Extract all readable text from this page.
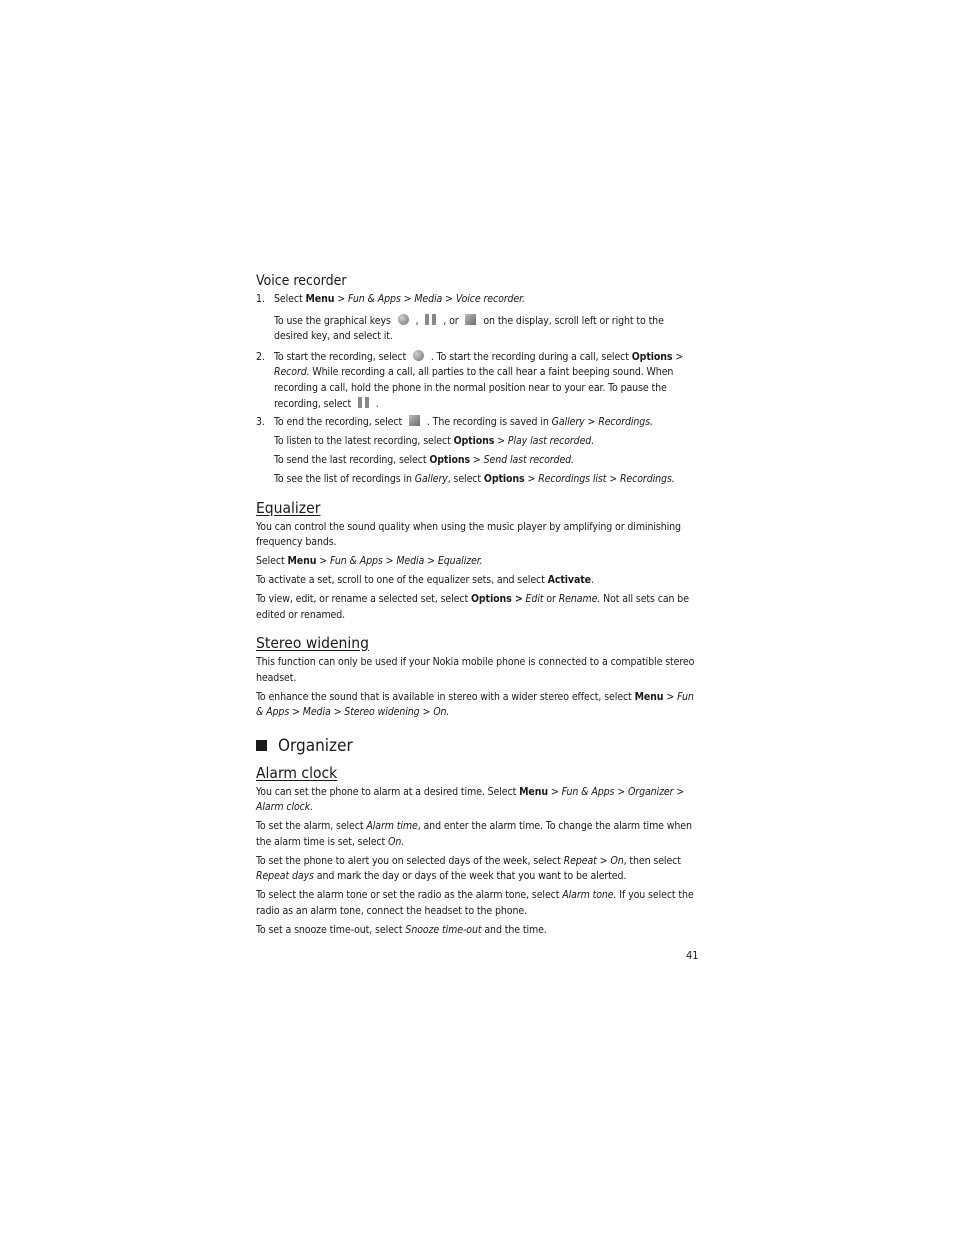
Voice recorder
1. Select Menu > Fun & Apps > Media > Voice recorder.
To use the graphical keys  ,  , or  on the display, scroll left or right to the desired key, and select it.
2. To start the recording, select  . To start the recording during a call, select Options > Record. While recording a call, all parties to the call hear a faint beeping sound. When recording a call, hold the phone in the normal position near to your ear. To pause the recording, select  .
3. To end the recording, select  . The recording is saved in Gallery > Recordings.
To listen to the latest recording, select Options > Play last recorded.
To send the last recording, select Options > Send last recorded.
To see the list of recordings in Gallery, select Options > Recordings list > Recordings.
Equalizer

You can control the sound quality when using the music player by amplifying or diminishing frequency bands.

Select Menu > Fun & Apps > Media > Equalizer.

To activate a set, scroll to one of the equalizer sets, and select Activate.

To view, edit, or rename a selected set, select Options > Edit or Rename. Not all sets can be edited or renamed.

Stereo widening

This function can only be used if your Nokia mobile phone is connected to a compatible stereo headset.

To enhance the sound that is available in stereo with a wider stereo effect, select Menu > Fun & Apps > Media > Stereo widening > On.

Organizer
Alarm clock

You can set the phone to alarm at a desired time. Select Menu > Fun & Apps > Organizer > Alarm clock.

To set the alarm, select Alarm time, and enter the alarm time. To change the alarm time when the alarm time is set, select On.

To set the phone to alert you on selected days of the week, select Repeat > On, then select Repeat days and mark the day or days of the week that you want to be alerted.

To select the alarm tone or set the radio as the alarm tone, select Alarm tone. If you select the radio as an alarm tone, connect the headset to the phone.

To set a snooze time-out, select Snooze time-out and the time.

41
